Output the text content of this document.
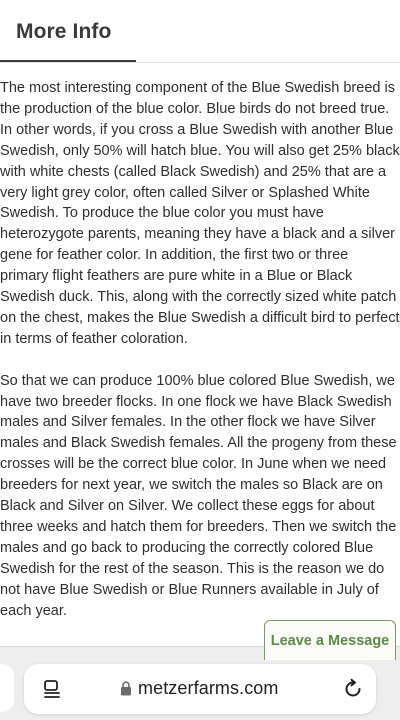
More Info

The most interesting component of the Blue Swedish breed is the production of the blue color. Blue birds do not breed true. In other words, if you cross a Blue Swedish with another Blue Swedish, only 50% will hatch blue. You will also get 25% black with white chests (called Black Swedish) and 25% that are a very light grey color, often called Silver or Splashed White Swedish. To produce the blue color you must have heterozygote parents, meaning they have a black and a silver gene for feather color. In addition, the first two or three primary flight feathers are pure white in a Blue or Black Swedish duck. This, along with the correctly sized white patch on the chest, makes the Blue Swedish a difficult bird to perfect in terms of feather coloration.

So that we can produce 100% blue colored Blue Swedish, we have two breeder flocks. In one flock we have Black Swedish males and Silver females. In the other flock we have Silver males and Black Swedish females. All the progeny from these crosses will be the correct blue color. In June when we need breeders for next year, we switch the males so Black are on Black and Silver on Silver. We collect these eggs for about three weeks and hatch them for breeders. Then we switch the males and go back to producing the correctly colored Blue Swedish for the rest of the season. This is the reason we do not have Blue Swedish or Blue Runners available in July of each year.

Leave a Message
metzerfarms.com
